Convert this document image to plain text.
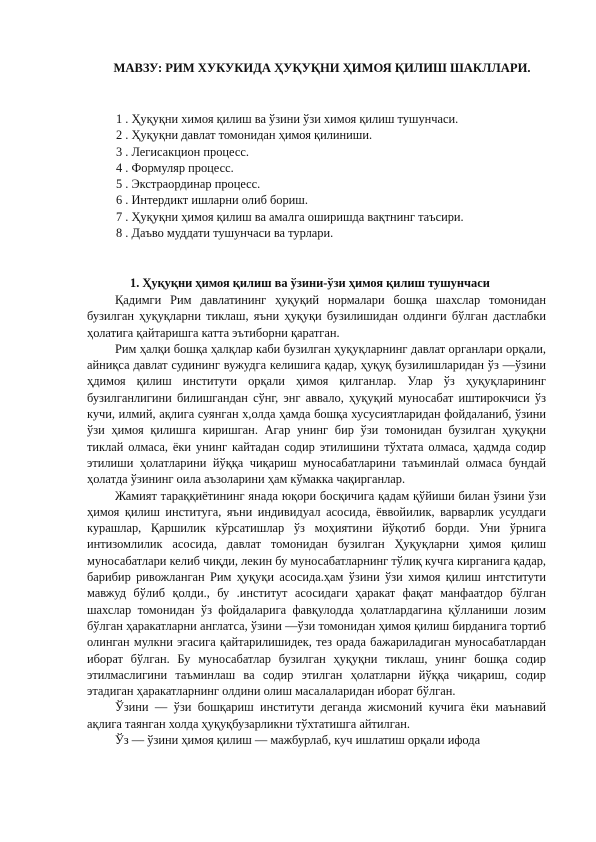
МАВЗУ: РИМ ХУКУКИДА ҲУҚУҚНИ ҲИМОЯ ҚИЛИШ ШАКЛЛАРИ.
1 . Ҳуқуқни химоя қилиш ва ўзини ўзи химоя қилиш тушунчаси.
2 . Ҳуқуқни давлат томонидан ҳимоя қилиниши.
3 . Легисакцион процесс.
4 . Формуляр процесс.
5 . Экстраординар процесс.
6 . Интердикт ишларни олиб бориш.
7 . Ҳуқуқни ҳимоя қилиш ва амалга оширишда вақтнинг таъсири.
8 . Даъво муддати тушунчаси ва турлари.
1. Ҳуқуқни ҳимоя қилиш ва ўзини-ўзи ҳимоя қилиш тушунчаси

Қадимги Рим давлатининг ҳуқуқий нормалари бошқа шахслар томонидан бузилган ҳуқуқларни тиклаш, яъни ҳуқуқи бузилишидан олдинги бўлган дастлабки ҳолатига қайтаришга катта эътиборни қаратган.

Рим ҳалқи бошқа ҳалқлар каби бузилган ҳуқуқларнинг давлат органлари орқали, айниқса давлат судининг вужудга келишига қадар, ҳуқуқ бузилишларидан ўз —ўзини ҳдимоя қилиш институти орқали ҳимоя қилганлар. Улар ўз ҳуқуқларининг бузилганлигини билишгандан сўнг, энг аввало, ҳуқуқий муносабат иштирокчиси ўз кучи, илмий, ақлига суянган х,олда ҳамда бошқа хусусиятларидан фойдаланиб, ўзини ўзи ҳимоя қилишга киришган. Агар унинг бир ўзи томонидан бузилган ҳуқуқни тиклай олмаса, ёки унинг кайтадан содир этилишини тўхтата олмаса, ҳадмда содир этилиши ҳолатларини йўққа чиқариш муносабатларини таъминлай олмаса бундай ҳолатда ўзининг оила аъзоларини ҳам кўмакка чақирганлар.

Жамият тараққиётининг янада юқори босқичига қадам қўйиши билан ўзини ўзи ҳимоя қилиш институга, яъни индивидуал асосида, ёввойилик, варварлик усулдаги курашлар, Қаршилик кўрсатишлар ўз моҳиятини йўқотиб борди. Уни ўрнига интизомлилик асосида, давлат томонидан бузилган Ҳуқуқларни ҳимоя қилиш муносабатлари келиб чиқди, лекин бу муносабатларнинг тўлиқ кучга кирганига қадар, барибир ривожланган Рим ҳуқуқи асосида.ҳам ўзини ўзи химоя қилиш интститути мавжуд бўлиб қолди., бу .институт асосидаги ҳаракат фақат манфаатдор бўлган шахслар томонидан ўз фойдаларига фавқулодда ҳолатлардагина қўлланиши лозим бўлган ҳаракатларни англатса, ўзини —ўзи томонидан ҳимоя қилиш бирданига тортиб олинган мулкни эгасига қайтарилишидек, тез орада бажариладиган муносабатлардан иборат бўлган. Бу муносабатлар бузилган ҳуқуқни тиклаш, унинг бошқа содир этилмаслигини таъминлаш ва содир этилган ҳолатларни йўққа чиқариш, содир этадиган ҳаракатларнинг олдини олиш масалаларидан иборат бўлган.

Ўзини — ўзи бошқариш институти деганда жисмоний кучига ёки маънавий ақлига таянган холда ҳуқуқбузарликни тўхтатишга айтилган.

Ўз — ўзини ҳимоя қилиш — мажбурлаб, куч ишлатиш орқали ифода
